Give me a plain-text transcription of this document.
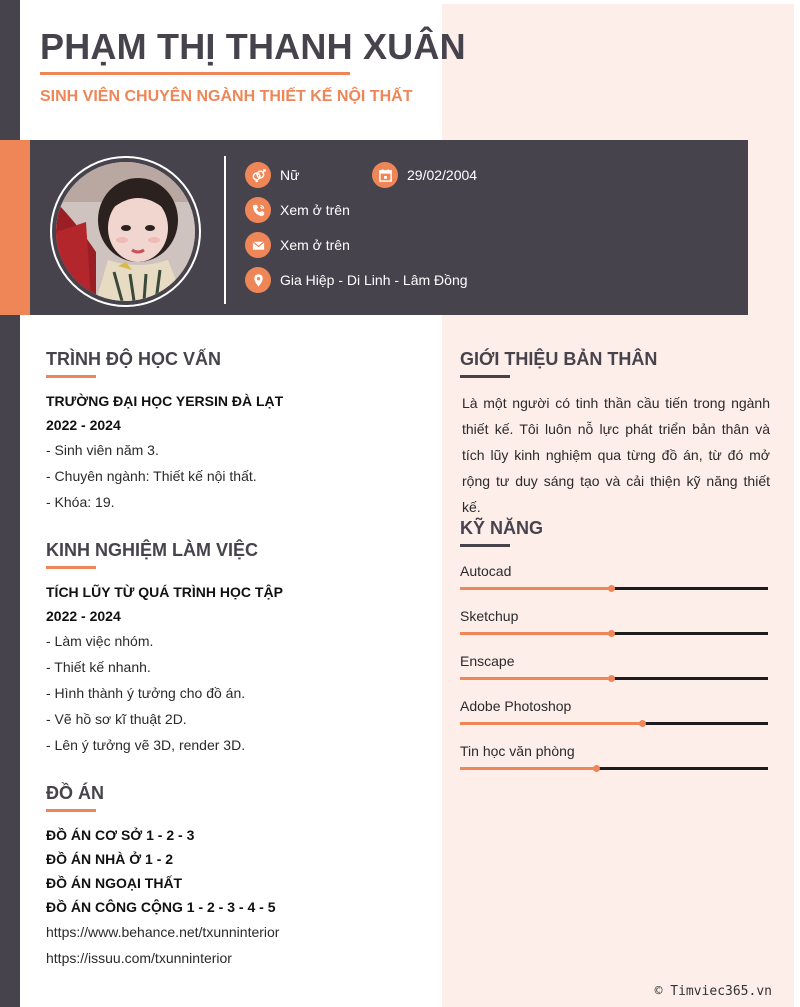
PHẠM THỊ THANH XUÂN
SINH VIÊN CHUYÊN NGÀNH THIẾT KẾ NỘI THẤT
Nữ	29/02/2004
Xem ở trên
Xem ở trên
Gia Hiệp - Di Linh - Lâm Đồng
TRÌNH ĐỘ HỌC VẤN
TRƯỜNG ĐẠI HỌC YERSIN ĐÀ LẠT
2022 - 2024
- Sinh viên năm 3.
- Chuyên ngành: Thiết kế nội thất.
- Khóa: 19.
KINH NGHIỆM LÀM VIỆC
TÍCH LŨY TỪ QUÁ TRÌNH HỌC TẬP
2022 - 2024
- Làm việc nhóm.
- Thiết kế nhanh.
- Hình thành ý tưởng cho đồ án.
- Vẽ hồ sơ kĩ thuật 2D.
- Lên ý tưởng vẽ 3D, render 3D.
ĐỒ ÁN
ĐỒ ÁN CƠ SỞ 1 - 2 - 3
ĐỒ ÁN NHÀ Ở 1 - 2
ĐỒ ÁN NGOẠI THẤT
ĐỒ ÁN CÔNG CỘNG 1 - 2 - 3 - 4 - 5
https://www.behance.net/txunninterior
https://issuu.com/txunninterior
GIỚI THIỆU BẢN THÂN
Là một người có tinh thần cầu tiến trong ngành thiết kế. Tôi luôn nỗ lực phát triển bản thân và tích lũy kinh nghiệm qua từng đồ án, từ đó mở rộng tư duy sáng tạo và cải thiện kỹ năng thiết kế.
KỸ NĂNG
Autocad
Sketchup
Enscape
Adobe Photoshop
Tin học văn phòng
© Timviec365.vn
